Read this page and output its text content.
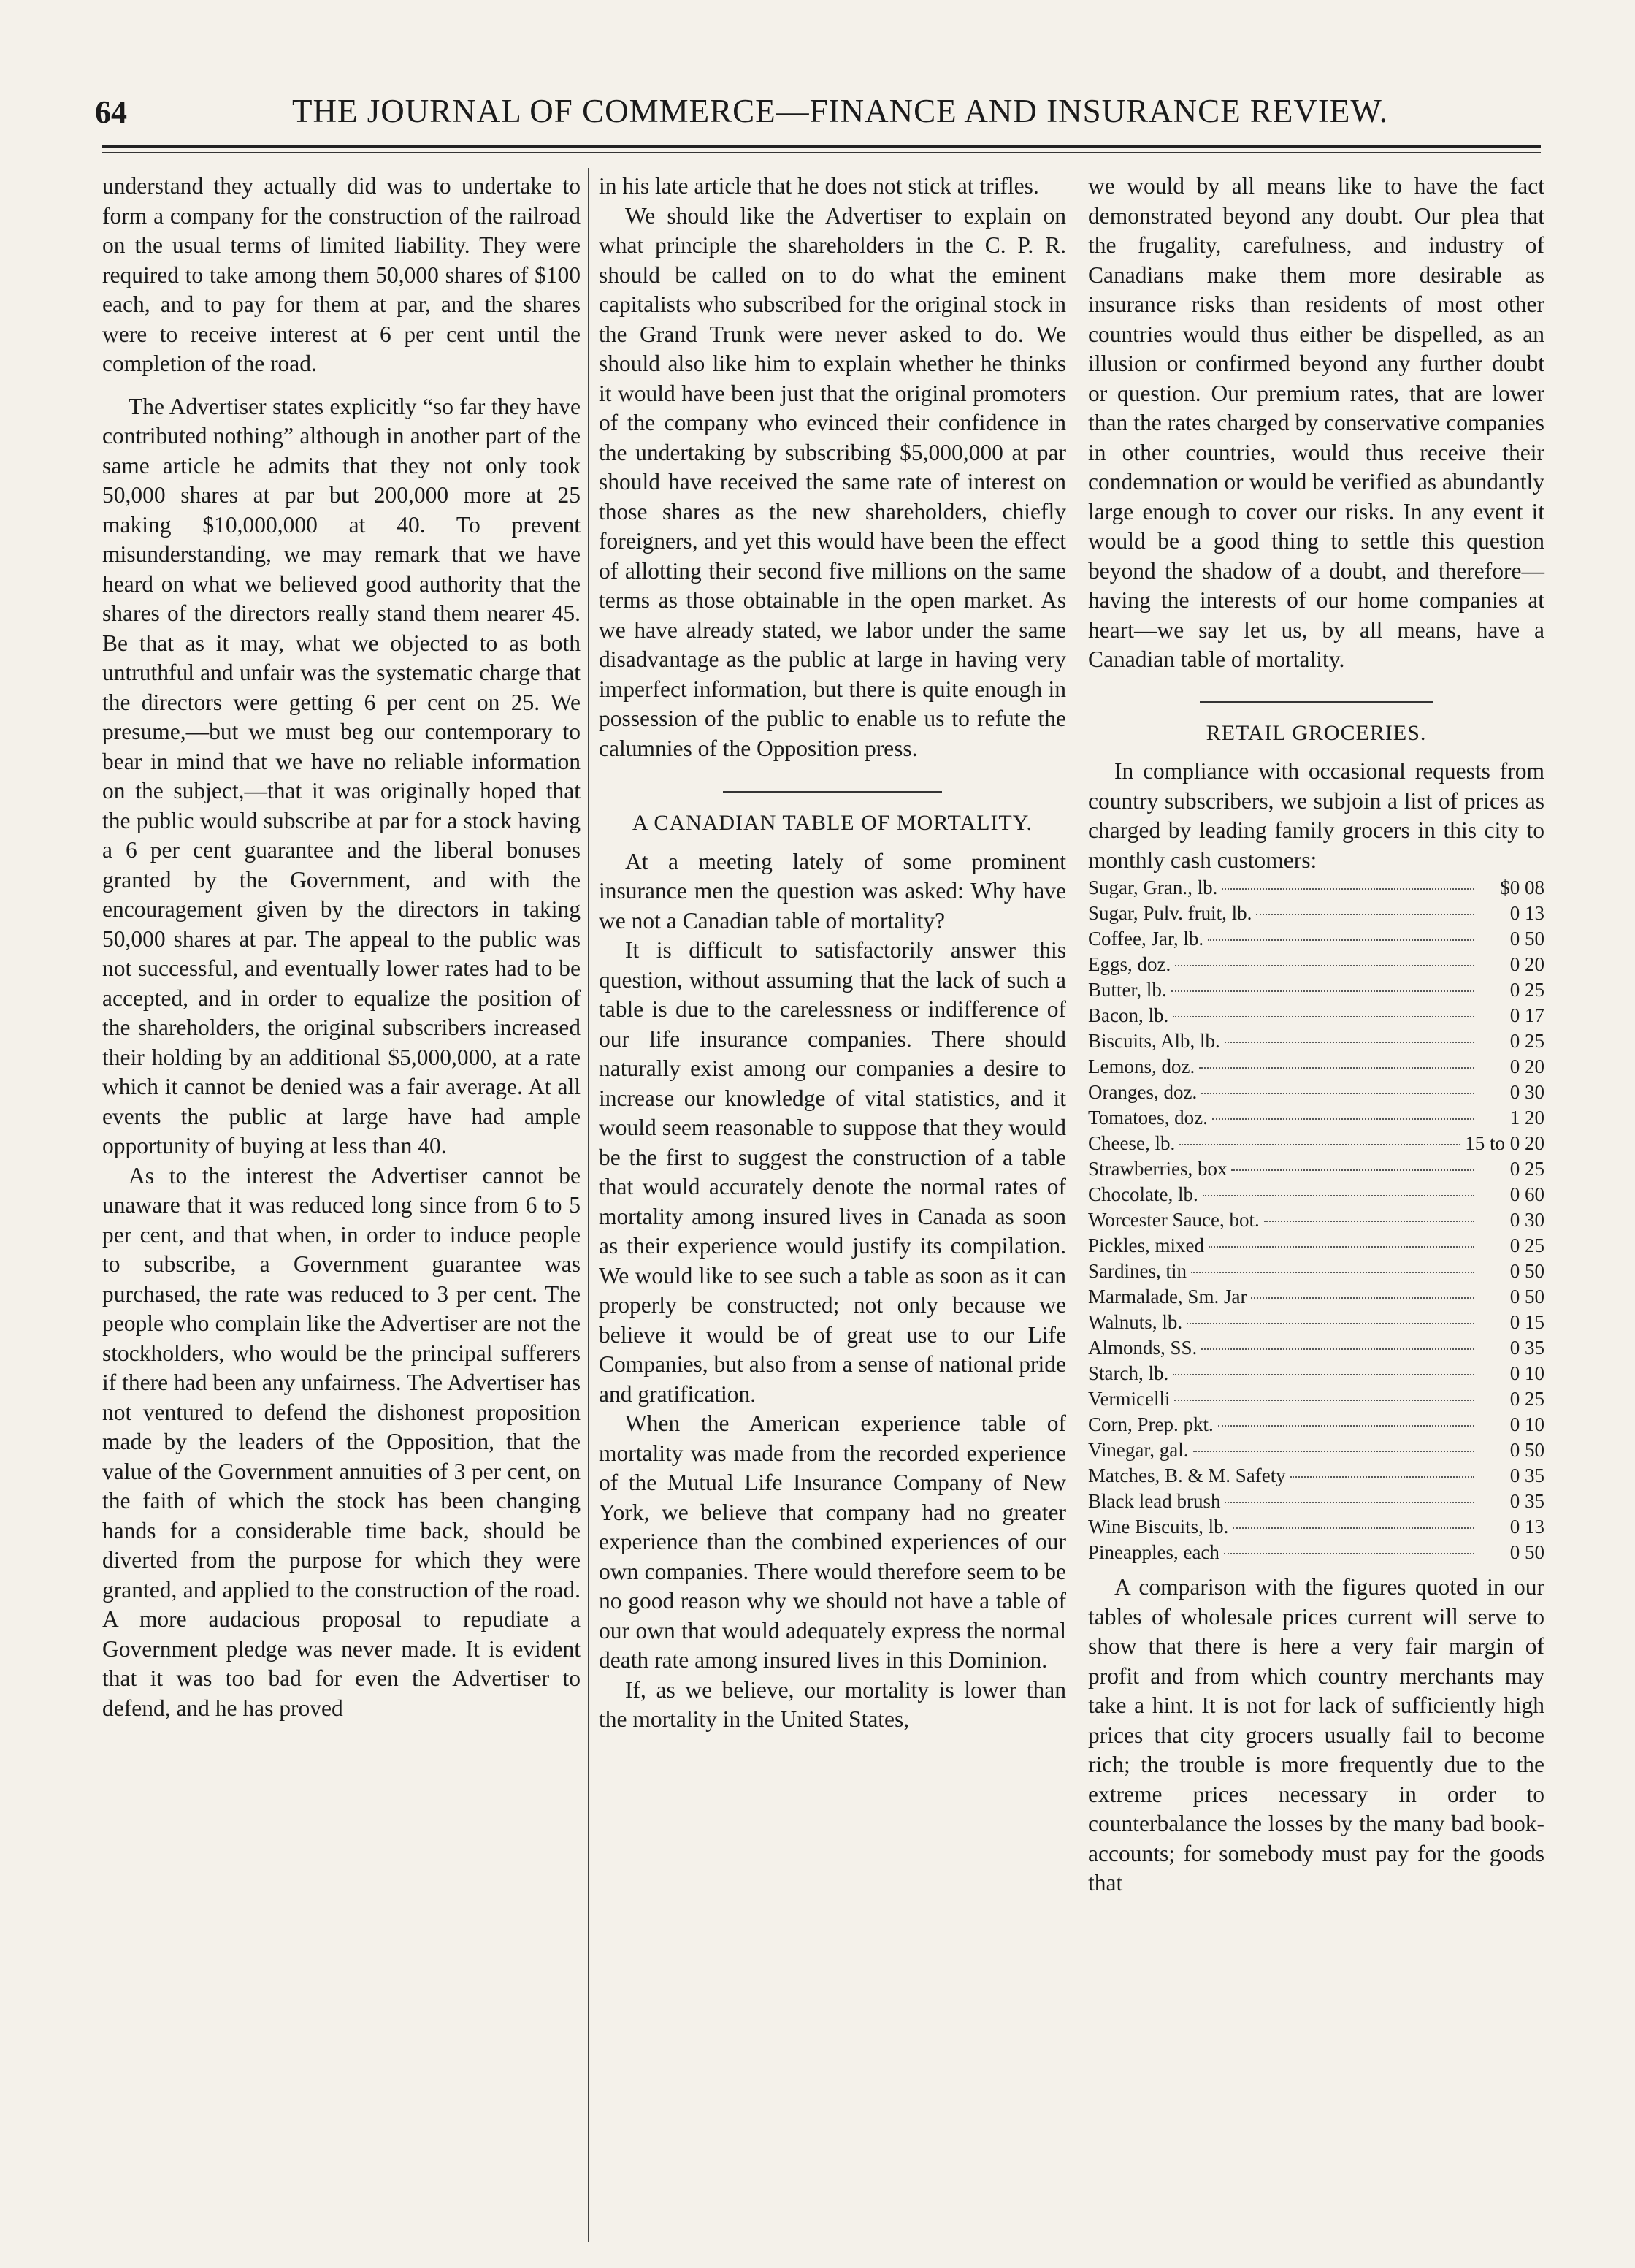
64	THE JOURNAL OF COMMERCE—FINANCE AND INSURANCE REVIEW.

understand they actually did was to undertake to form a company for the construction of the railroad on the usual terms of limited liability. They were required to take among them 50,000 shares of $100 each, and to pay for them at par, and the shares were to receive interest at 6 per cent until the completion of the road.

The Advertiser states explicitly “so far they have contributed nothing” although in another part of the same article he admits that they not only took 50,000 shares at par but 200,000 more at 25 making $10,000,000 at 40. To prevent misunderstanding, we may remark that we have heard on what we believed good authority that the shares of the directors really stand them nearer 45. Be that as it may, what we objected to as both untruthful and unfair was the systematic charge that the directors were getting 6 per cent on 25. We presume,—but we must beg our contemporary to bear in mind that we have no reliable information on the subject,—that it was originally hoped that the public would subscribe at par for a stock having a 6 per cent guarantee and the liberal bonuses granted by the Government, and with the encouragement given by the directors in taking 50,000 shares at par. The appeal to the public was not successful, and eventually lower rates had to be accepted, and in order to equalize the position of the shareholders, the original subscribers increased their holding by an additional $5,000,000, at a rate which it cannot be denied was a fair average. At all events the public at large have had ample opportunity of buying at less than 40.

As to the interest the Advertiser cannot be unaware that it was reduced long since from 6 to 5 per cent, and that when, in order to induce people to subscribe, a Government guarantee was purchased, the rate was reduced to 3 per cent. The people who complain like the Advertiser are not the stockholders, who would be the principal sufferers if there had been any unfairness. The Advertiser has not ventured to defend the dishonest proposition made by the leaders of the Opposition, that the value of the Government annuities of 3 per cent, on the faith of which the stock has been changing hands for a considerable time back, should be diverted from the purpose for which they were granted, and applied to the construction of the road. A more audacious proposal to repudiate a Government pledge was never made. It is evident that it was too bad for even the Advertiser to defend, and he has proved

in his late article that he does not stick at trifles.

We should like the Advertiser to explain on what principle the shareholders in the C. P. R. should be called on to do what the eminent capitalists who subscribed for the original stock in the Grand Trunk were never asked to do. We should also like him to explain whether he thinks it would have been just that the original promoters of the company who evinced their confidence in the undertaking by subscribing $5,000,000 at par should have received the same rate of interest on those shares as the new shareholders, chiefly foreigners, and yet this would have been the effect of allotting their second five millions on the same terms as those obtainable in the open market. As we have already stated, we labor under the same disadvantage as the public at large in having very imperfect information, but there is quite enough in possession of the public to enable us to refute the calumnies of the Opposition press.

A CANADIAN TABLE OF MORTALITY.

At a meeting lately of some prominent insurance men the question was asked: Why have we not a Canadian table of mortality?

It is difficult to satisfactorily answer this question, without assuming that the lack of such a table is due to the carelessness or indifference of our life insurance companies. There should naturally exist among our companies a desire to increase our knowledge of vital statistics, and it would seem reasonable to suppose that they would be the first to suggest the construction of a table that would accurately denote the normal rates of mortality among insured lives in Canada as soon as their experience would justify its compilation. We would like to see such a table as soon as it can properly be constructed; not only because we believe it would be of great use to our Life Companies, but also from a sense of national pride and gratification.

When the American experience table of mortality was made from the recorded experience of the Mutual Life Insurance Company of New York, we believe that company had no greater experience than the combined experiences of our own companies. There would therefore seem to be no good reason why we should not have a table of our own that would adequately express the normal death rate among insured lives in this Dominion.

If, as we believe, our mortality is lower than the mortality in the United States,

we would by all means like to have the fact demonstrated beyond any doubt. Our plea that the frugality, carefulness, and industry of Canadians make them more desirable as insurance risks than residents of most other countries would thus either be dispelled, as an illusion or confirmed beyond any further doubt or question. Our premium rates, that are lower than the rates charged by conservative companies in other countries, would thus receive their condemnation or would be verified as abundantly large enough to cover our risks. In any event it would be a good thing to settle this question beyond the shadow of a doubt, and therefore—having the interests of our home companies at heart—we say let us, by all means, have a Canadian table of mortality.

RETAIL GROCERIES.

In compliance with occasional requests from country subscribers, we subjoin a list of prices as charged by leading family grocers in this city to monthly cash customers:

Sugar, Gran., lb.	$0 08
Sugar, Pulv. fruit, lb.	0 13
Coffee, Jar, lb.	0 50
Eggs, doz.	0 20
Butter, lb.	0 25
Bacon, lb.	0 17
Biscuits, Alb, lb.	0 25
Lemons, doz.	0 20
Oranges, doz.	0 30
Tomatoes, doz.	1 20
Cheese, lb.	15 to 0 20
Strawberries, box	0 25
Chocolate, lb.	0 60
Worcester Sauce, bot.	0 30
Pickles, mixed	0 25
Sardines, tin	0 50
Marmalade, Sm. Jar	0 50
Walnuts, lb.	0 15
Almonds, SS.	0 35
Starch, lb.	0 10
Vermicelli	0 25
Corn, Prep. pkt.	0 10
Vinegar, gal.	0 50
Matches, B. & M. Safety	0 35
Black lead brush	0 35
Wine Biscuits, lb.	0 13
Pineapples, each	0 50

A comparison with the figures quoted in our tables of wholesale prices current will serve to show that there is here a very fair margin of profit and from which country merchants may take a hint. It is not for lack of sufficiently high prices that city grocers usually fail to become rich; the trouble is more frequently due to the extreme prices necessary in order to counterbalance the losses by the many bad book-accounts; for somebody must pay for the goods that
